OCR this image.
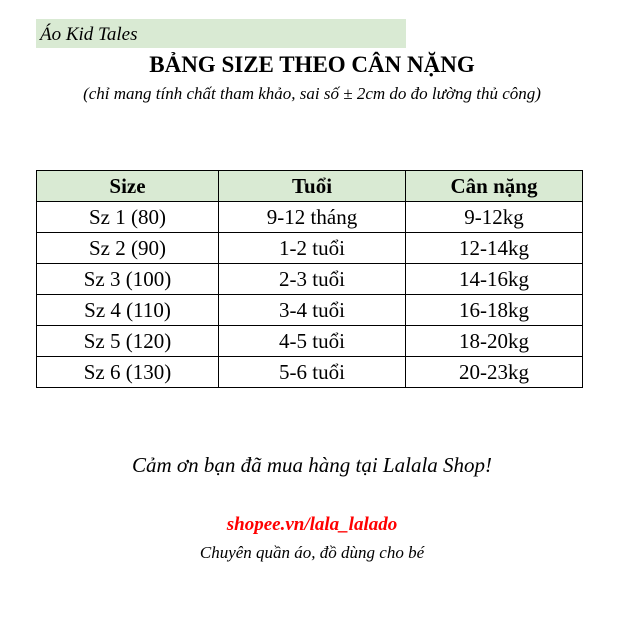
Áo Kid Tales
BẢNG SIZE THEO CÂN NẶNG
(chỉ mang tính chất tham khảo, sai số ± 2cm do đo lường thủ công)
Size	Tuổi	Cân nặng
Sz 1 (80)	9-12 tháng	9-12kg
Sz 2 (90)	1-2 tuổi	12-14kg
Sz 3 (100)	2-3 tuổi	14-16kg
Sz 4 (110)	3-4 tuổi	16-18kg
Sz 5 (120)	4-5 tuổi	18-20kg
Sz 6 (130)	5-6 tuổi	20-23kg
Cảm ơn bạn đã mua hàng tại Lalala Shop!
shopee.vn/lala_lalado
Chuyên quần áo, đồ dùng cho bé
